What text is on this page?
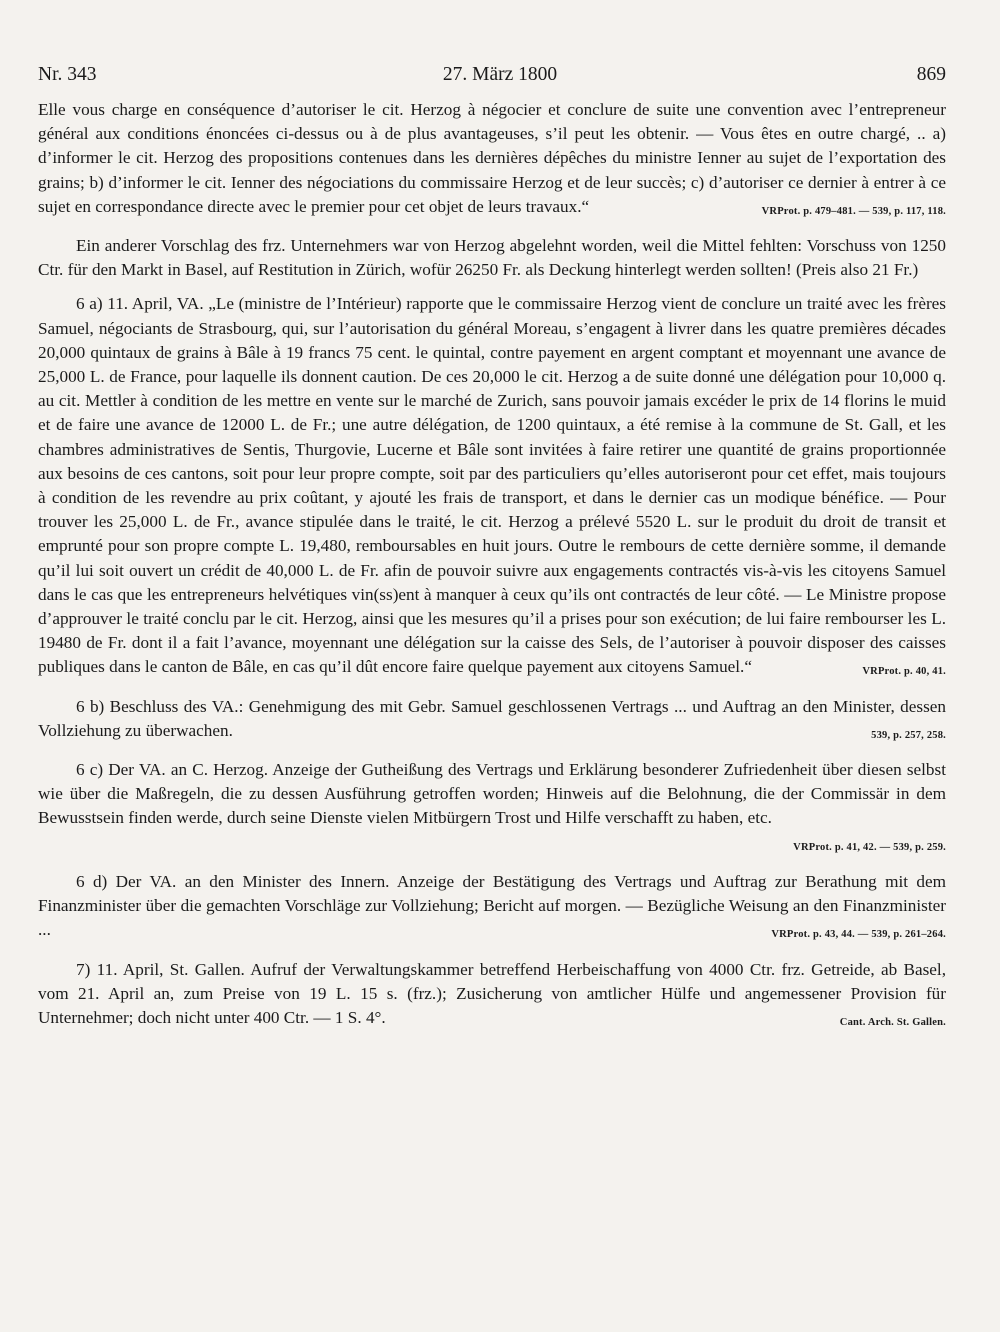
Nr. 343	27. März 1800	869

Elle vous charge en conséquence d’autoriser le cit. Herzog à négocier et conclure de suite une convention avec l’entrepreneur général aux conditions énoncées ci-dessus ou à de plus avantageuses, s’il peut les obtenir. — Vous êtes en outre chargé, .. a) d’informer le cit. Herzog des propositions contenues dans les dernières dépêches du ministre Ienner au sujet de l’exportation des grains; b) d’informer le cit. Ienner des négociations du commissaire Herzog et de leur succès; c) d’autoriser ce dernier à entrer à ce sujet en correspondance directe avec le premier pour cet objet de leurs travaux.“	VRProt. p. 479–481. — 539, p. 117, 118.

Ein anderer Vorschlag des frz. Unternehmers war von Herzog abgelehnt worden, weil die Mittel fehlten: Vorschuss von 1250 Ctr. für den Markt in Basel, auf Restitution in Zürich, wofür 26250 Fr. als Deckung hinterlegt werden sollten! (Preis also 21 Fr.)

6 a) 11. April, VA. „Le (ministre de l’Intérieur) rapporte que le commissaire Herzog vient de conclure un traité avec les frères Samuel, négociants de Strasbourg, qui, sur l’autorisation du général Moreau, s’engagent à livrer dans les quatre premières décades 20,000 quintaux de grains à Bâle à 19 francs 75 cent. le quintal, contre payement en argent comptant et moyennant une avance de 25,000 L. de France, pour laquelle ils donnent caution. De ces 20,000 le cit. Herzog a de suite donné une délégation pour 10,000 q. au cit. Mettler à condition de les mettre en vente sur le marché de Zurich, sans pouvoir jamais excéder le prix de 14 florins le muid et de faire une avance de 12000 L. de Fr.; une autre délégation, de 1200 quintaux, a été remise à la commune de St. Gall, et les chambres administratives de Sentis, Thurgovie, Lucerne et Bâle sont invitées à faire retirer une quantité de grains proportionnée aux besoins de ces cantons, soit pour leur propre compte, soit par des particuliers qu’elles autoriseront pour cet effet, mais toujours à condition de les revendre au prix coûtant, y ajouté les frais de transport, et dans le dernier cas un modique bénéfice. — Pour trouver les 25,000 L. de Fr., avance stipulée dans le traité, le cit. Herzog a prélevé 5520 L. sur le produit du droit de transit et emprunté pour son propre compte L. 19,480, remboursables en huit jours. Outre le rembours de cette dernière somme, il demande qu’il lui soit ouvert un crédit de 40,000 L. de Fr. afin de pouvoir suivre aux engagements contractés vis-à-vis les citoyens Samuel dans le cas que les entrepreneurs helvétiques vin(ss)ent à manquer à ceux qu’ils ont contractés de leur côté. — Le Ministre propose d’approuver le traité conclu par le cit. Herzog, ainsi que les mesures qu’il a prises pour son exécution; de lui faire rembourser les L. 19480 de Fr. dont il a fait l’avance, moyennant une délégation sur la caisse des Sels, de l’autoriser à pouvoir disposer des caisses publiques dans le canton de Bâle, en cas qu’il dût encore faire quelque payement aux citoyens Samuel.“	VRProt. p. 40, 41.

6 b) Beschluss des VA.: Genehmigung des mit Gebr. Samuel geschlossenen Vertrags ... und Auftrag an den Minister, dessen Vollziehung zu überwachen.	539, p. 257, 258.

6 c) Der VA. an C. Herzog. Anzeige der Gutheißung des Vertrags und Erklärung besonderer Zufriedenheit über diesen selbst wie über die Maßregeln, die zu dessen Ausführung getroffen worden; Hinweis auf die Belohnung, die der Commissär in dem Bewusstsein finden werde, durch seine Dienste vielen Mitbürgern Trost und Hilfe verschafft zu haben, etc.
VRProt. p. 41, 42. — 539, p. 259.

6 d) Der VA. an den Minister des Innern. Anzeige der Bestätigung des Vertrags und Auftrag zur Berathung mit dem Finanzminister über die gemachten Vorschläge zur Vollziehung; Bericht auf morgen. — Bezügliche Weisung an den Finanzminister ...	VRProt. p. 43, 44. — 539, p. 261–264.

7) 11. April, St. Gallen. Aufruf der Verwaltungskammer betreffend Herbeischaffung von 4000 Ctr. frz. Getreide, ab Basel, vom 21. April an, zum Preise von 19 L. 15 s. (frz.); Zusicherung von amtlicher Hülfe und angemessener Provision für Unternehmer; doch nicht unter 400 Ctr. — 1 S. 4°.	Cant. Arch. St. Gallen.
